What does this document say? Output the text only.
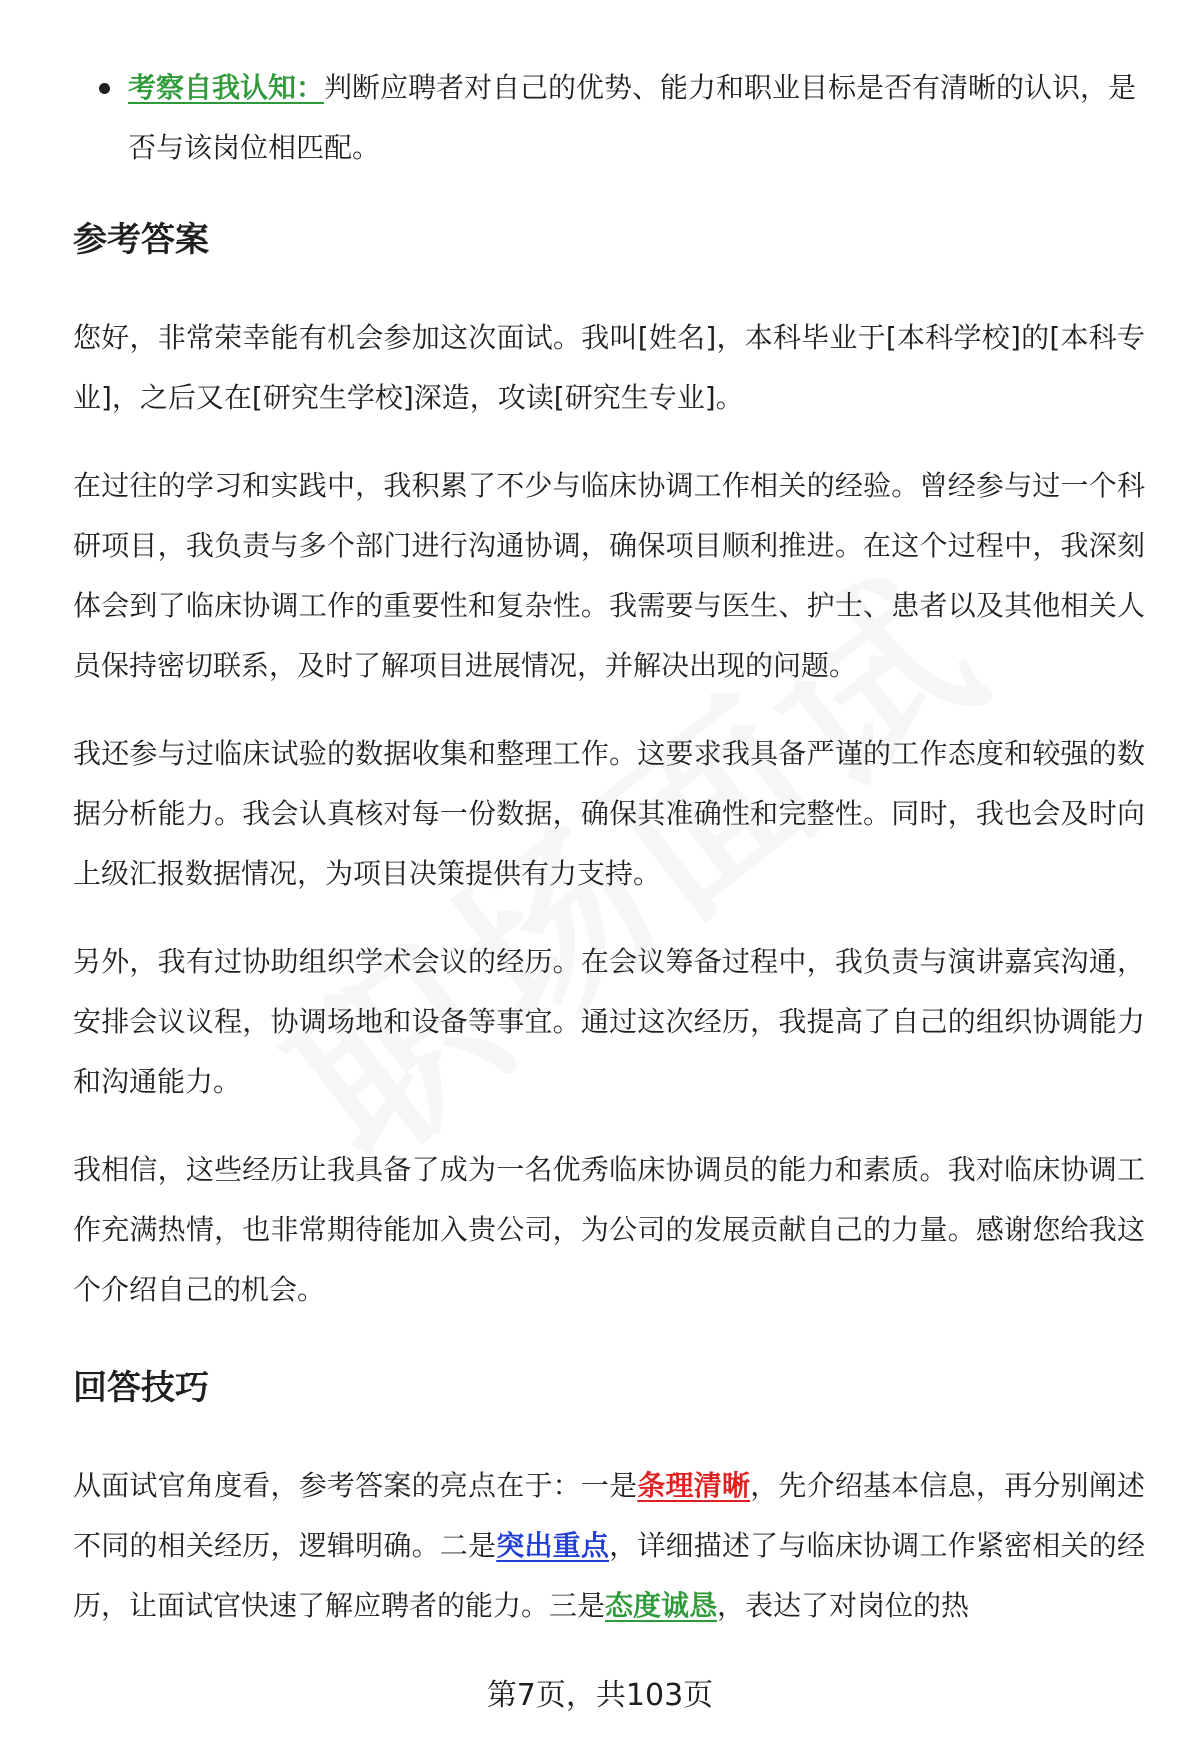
考察自我认知：判断应聘者对自己的优势、能力和职业目标是否有清晰的认识，是否与该岗位相匹配。
参考答案

您好，非常荣幸能有机会参加这次面试。我叫[姓名]，本科毕业于[本科学校]的[本科专业]，之后又在[研究生学校]深造，攻读[研究生专业]。

在过往的学习和实践中，我积累了不少与临床协调工作相关的经验。曾经参与过一个科研项目，我负责与多个部门进行沟通协调，确保项目顺利推进。在这个过程中，我深刻体会到了临床协调工作的重要性和复杂性。我需要与医生、护士、患者以及其他相关人员保持密切联系，及时了解项目进展情况，并解决出现的问题。

我还参与过临床试验的数据收集和整理工作。这要求我具备严谨的工作态度和较强的数据分析能力。我会认真核对每一份数据，确保其准确性和完整性。同时，我也会及时向上级汇报数据情况，为项目决策提供有力支持。

另外，我有过协助组织学术会议的经历。在会议筹备过程中，我负责与演讲嘉宾沟通，安排会议议程，协调场地和设备等事宜。通过这次经历，我提高了自己的组织协调能力和沟通能力。

我相信，这些经历让我具备了成为一名优秀临床协调员的能力和素质。我对临床协调工作充满热情，也非常期待能加入贵公司，为公司的发展贡献自己的力量。感谢您给我这个介绍自己的机会。

回答技巧

从面试官角度看，参考答案的亮点在于：一是条理清晰，先介绍基本信息，再分别阐述不同的相关经历，逻辑明确。二是突出重点，详细描述了与临床协调工作紧密相关的经历，让面试官快速了解应聘者的能力。三是态度诚恳，表达了对岗位的热

第7页，共103页
